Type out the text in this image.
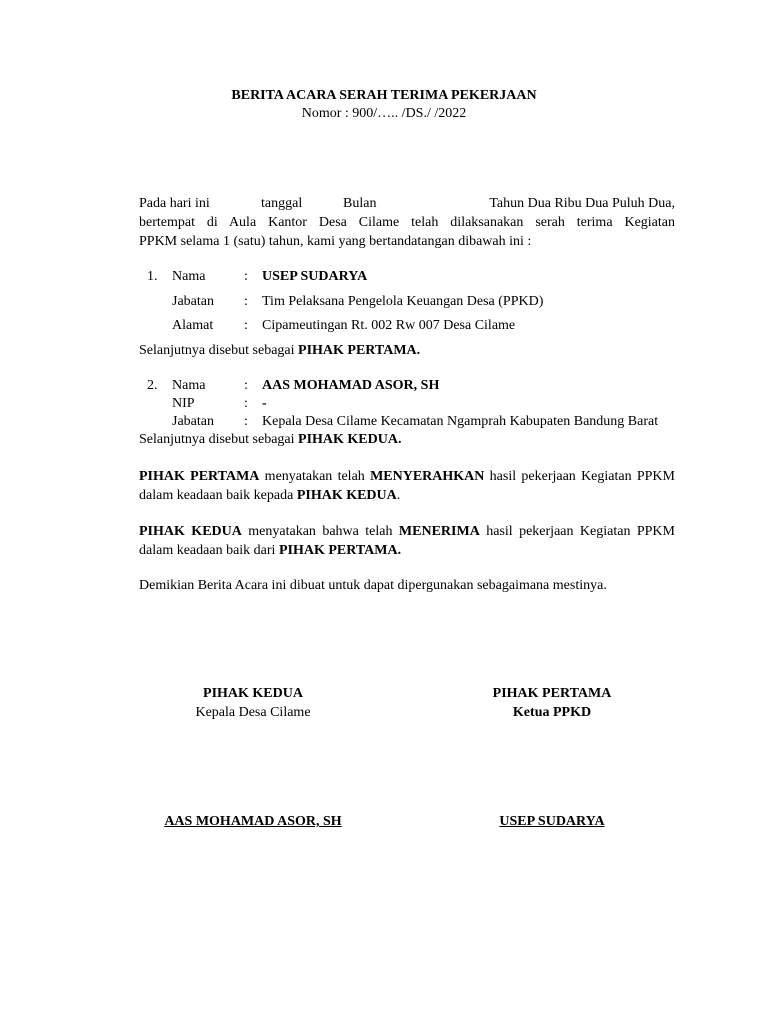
BERITA ACARA SERAH TERIMA PEKERJAAN
Nomor : 900/….. /DS./ /2022
Pada hari ini	tanggal	Bulan	Tahun Dua Ribu Dua Puluh Dua,
bertempat di Aula Kantor Desa Cilame telah dilaksanakan serah terima Kegiatan
PPKM selama 1 (satu) tahun, kami yang bertandatangan dibawah ini :
1. Nama	: USEP SUDARYA
Jabatan : Tim Pelaksana Pengelola Keuangan Desa (PPKD)
Alamat : Cipameutingan Rt. 002 Rw 007 Desa Cilame
Selanjutnya disebut sebagai PIHAK PERTAMA.
2. Nama	: AAS MOHAMAD ASOR, SH
NIP	: -
Jabatan : Kepala Desa Cilame Kecamatan Ngamprah Kabupaten Bandung Barat
Selanjutnya disebut sebagai PIHAK KEDUA.
PIHAK PERTAMA menyatakan telah MENYERAHKAN hasil pekerjaan Kegiatan PPKM dalam keadaan baik kepada PIHAK KEDUA.
PIHAK KEDUA menyatakan bahwa telah MENERIMA hasil pekerjaan Kegiatan PPKM dalam keadaan baik dari PIHAK PERTAMA.
Demikian Berita Acara ini dibuat untuk dapat dipergunakan sebagaimana mestinya.
PIHAK KEDUA
Kepala Desa Cilame
AAS MOHAMAD ASOR, SH
PIHAK PERTAMA
Ketua PPKD
USEP SUDARYA
